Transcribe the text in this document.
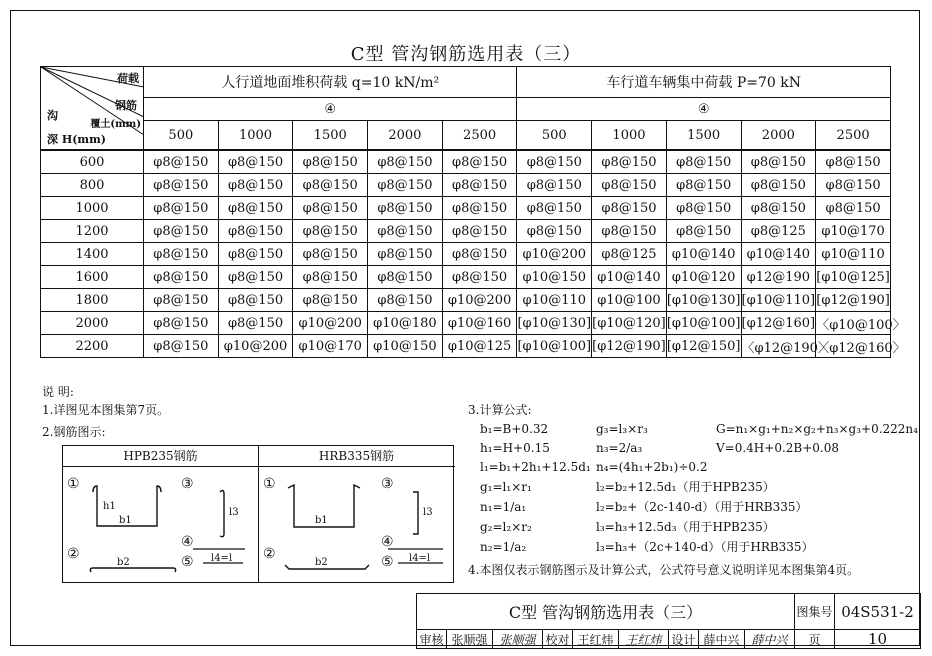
C型 管沟钢筋选用表（三）
荷载
钢筋
覆土(mm)
沟
深 H(mm)	人行道地面堆积荷载 q=10 kN/m²					车行道车辆集中荷载 P=70 kN				
	④					④				
	500	1000	1500	2000	2500	500	1000	1500	2000	2500
600	φ8@150	φ8@150	φ8@150	φ8@150	φ8@150	φ8@150	φ8@150	φ8@150	φ8@150	φ8@150
800	φ8@150	φ8@150	φ8@150	φ8@150	φ8@150	φ8@150	φ8@150	φ8@150	φ8@150	φ8@150
1000	φ8@150	φ8@150	φ8@150	φ8@150	φ8@150	φ8@150	φ8@150	φ8@150	φ8@150	φ8@150
1200	φ8@150	φ8@150	φ8@150	φ8@150	φ8@150	φ8@150	φ8@150	φ8@150	φ8@125	φ10@170
1400	φ8@150	φ8@150	φ8@150	φ8@150	φ8@150	φ10@200	φ8@125	φ10@140	φ10@140	φ10@110
1600	φ8@150	φ8@150	φ8@150	φ8@150	φ8@150	φ10@150	φ10@140	φ10@120	φ12@190	[φ10@125]
1800	φ8@150	φ8@150	φ8@150	φ8@150	φ10@200	φ10@110	φ10@100	[φ10@130]	[φ10@110]	[φ12@190]
2000	φ8@150	φ8@150	φ10@200	φ10@180	φ10@160	[φ10@130]	[φ10@120]	[φ10@100]	[φ12@160]	〈φ10@100〉
2200	φ8@150	φ10@200	φ10@170	φ10@150	φ10@125	[φ10@100]	[φ12@190]	[φ12@150]	〈φ12@190〉	〈φ12@160〉
说 明:
1.详图见本图集第7页。
2.钢筋图示:
HPB235钢筋	HRB335钢筋
①
h1
b1
②
b2
③
l3
④
⑤ l4=l
①
b1
②
b2
③
l3
④
⑤ l4=l
3.计算公式:
b₁=B+0.32
h₁=H+0.15
l₁=b₁+2h₁+12.5d₁
g₁=l₁×r₁
n₁=1/a₁
g₂=l₂×r₂
n₂=1/a₂
g₃=l₃×r₃
n₃=2/a₃
n₄=(4h₁+2b₁)÷0.2
l₂=b₂+12.5d₁（用于HPB235）
l₂=b₂+（2c-140-d）（用于HRB335）
l₃=h₃+12.5d₃（用于HPB235）
l₃=h₃+（2c+140-d）（用于HRB335）
G=n₁×g₁+n₂×g₂+n₃×g₃+0.222n₄
V=0.4H+0.2B+0.08
4.本图仅表示钢筋图示及计算公式，公式符号意义说明详见本图集第4页。
C型 管沟钢筋选用表（三）									图集号	04S531-2
审核	张顺强	张顺强	校对	王红炜	王红炜	设计	薛中兴	薛中兴	页	10
